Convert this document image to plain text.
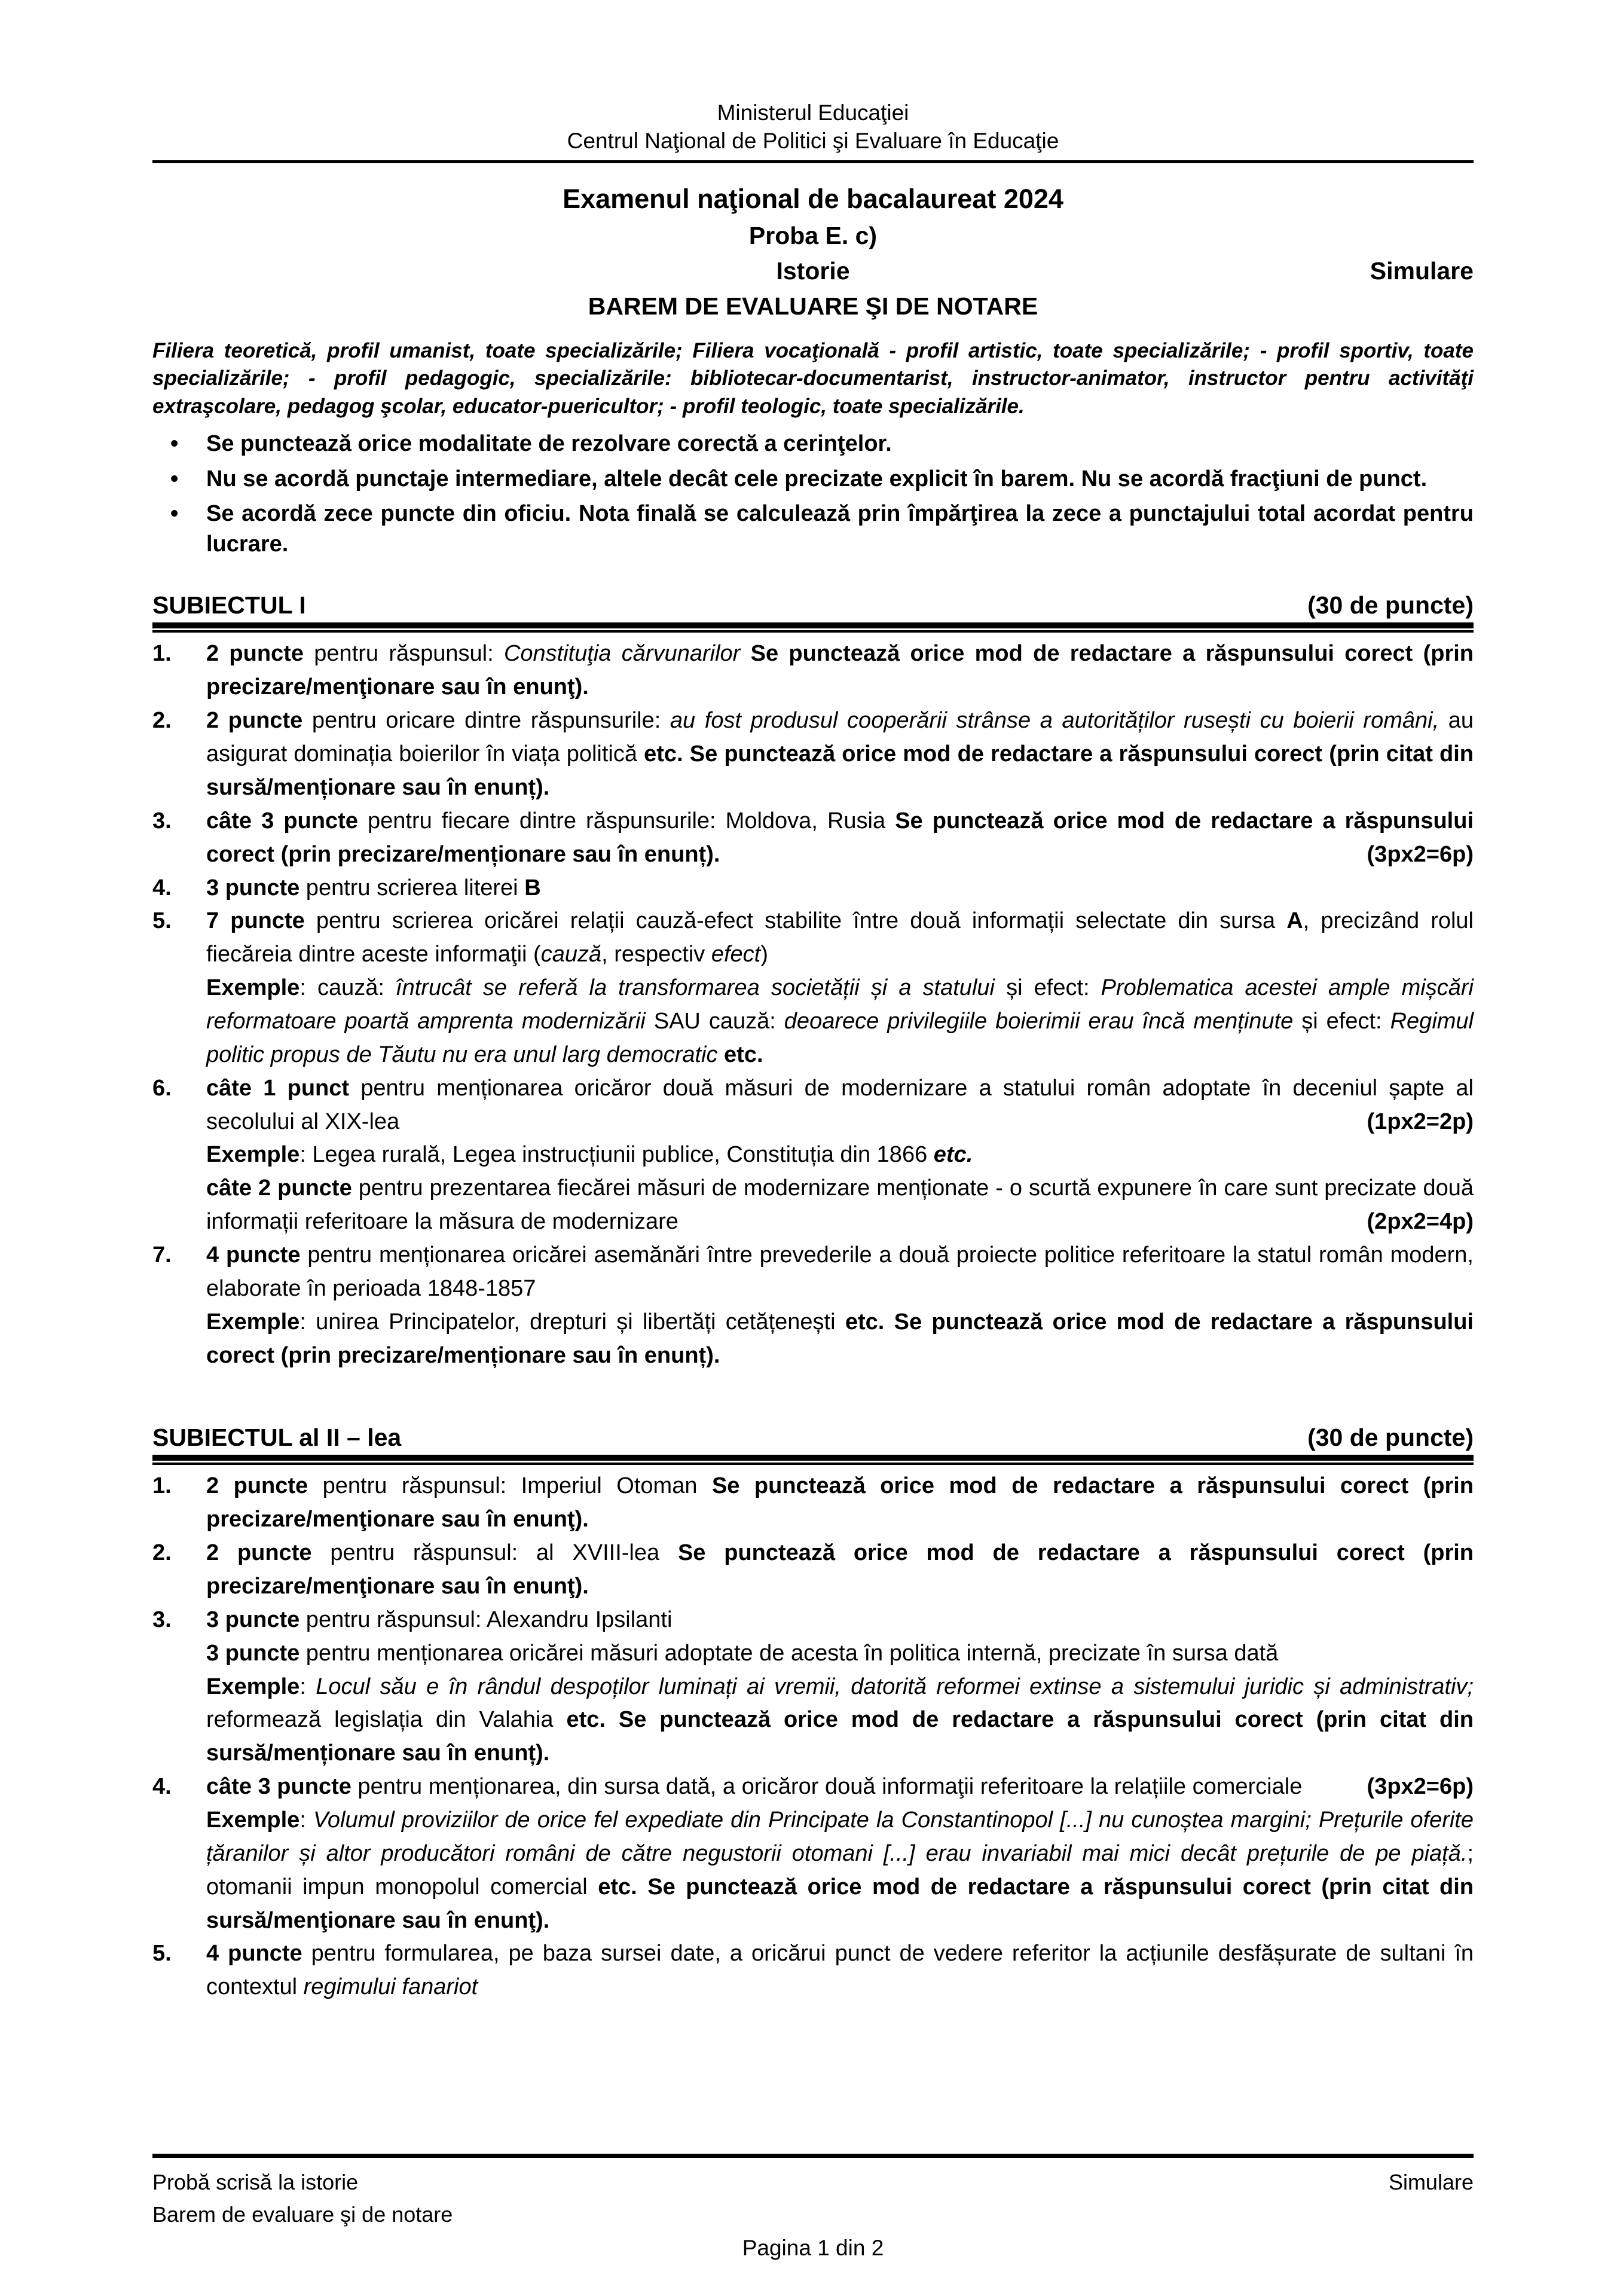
Ministerul Educaţiei
Centrul Naţional de Politici şi Evaluare în Educaţie
Examenul naţional de bacalaureat 2024
Proba E. c)
Istorie	Simulare
BAREM DE EVALUARE ŞI DE NOTARE
Filiera teoretică, profil umanist, toate specializările; Filiera vocaţională - profil artistic, toate specializările; - profil sportiv, toate specializările; - profil pedagogic, specializările: bibliotecar-documentarist, instructor-animator, instructor pentru activităţi extraşcolare, pedagog şcolar, educator-puericultor; - profil teologic, toate specializările.
•	Se punctează orice modalitate de rezolvare corectă a cerinţelor.
•	Nu se acordă punctaje intermediare, altele decât cele precizate explicit în barem. Nu se acordă fracţiuni de punct.
•	Se acordă zece puncte din oficiu. Nota finală se calculează prin împărţirea la zece a punctajului total acordat pentru lucrare.
SUBIECTUL I	(30 de puncte)
1.	2 puncte pentru răspunsul: Constituţia cărvunarilor Se punctează orice mod de redactare a răspunsului corect (prin precizare/menţionare sau în enunţ).
2.	2 puncte pentru oricare dintre răspunsurile: au fost produsul cooperării strânse a autorităților rusești cu boierii români, au asigurat dominația boierilor în viața politică etc. Se punctează orice mod de redactare a răspunsului corect (prin citat din sursă/menționare sau în enunț).
3.	câte 3 puncte pentru fiecare dintre răspunsurile: Moldova, Rusia Se punctează orice mod de redactare a răspunsului corect (prin precizare/menționare sau în enunț).	(3px2=6p)
4.	3 puncte pentru scrierea literei B
5.	7 puncte pentru scrierea oricărei relații cauză-efect stabilite între două informații selectate din sursa A, precizând rolul fiecăreia dintre aceste informaţii (cauză, respectiv efect)
Exemple: cauză: întrucât se referă la transformarea societății și a statului și efect: Problematica acestei ample mișcări reformatoare poartă amprenta modernizării SAU cauză: deoarece privilegiile boierimii erau încă menținute și efect: Regimul politic propus de Tăutu nu era unul larg democratic etc.
6.	câte 1 punct pentru menționarea oricăror două măsuri de modernizare a statului român adoptate în deceniul șapte al secolului al XIX-lea	(1px2=2p)
Exemple: Legea rurală, Legea instrucțiunii publice, Constituția din 1866 etc.
câte 2 puncte pentru prezentarea fiecărei măsuri de modernizare menționate - o scurtă expunere în care sunt precizate două informații referitoare la măsura de modernizare	(2px2=4p)
7.	4 puncte pentru menționarea oricărei asemănări între prevederile a două proiecte politice referitoare la statul român modern, elaborate în perioada 1848-1857
Exemple: unirea Principatelor, drepturi și libertăți cetățenești etc. Se punctează orice mod de redactare a răspunsului corect (prin precizare/menționare sau în enunț).
SUBIECTUL al II – lea	(30 de puncte)
1.	2 puncte pentru răspunsul: Imperiul Otoman Se punctează orice mod de redactare a răspunsului corect (prin precizare/menţionare sau în enunţ).
2.	2 puncte pentru răspunsul: al XVIII-lea Se punctează orice mod de redactare a răspunsului corect (prin precizare/menţionare sau în enunţ).
3.	3 puncte pentru răspunsul: Alexandru Ipsilanti
3 puncte pentru menționarea oricărei măsuri adoptate de acesta în politica internă, precizate în sursa dată
Exemple: Locul său e în rândul despoților luminați ai vremii, datorită reformei extinse a sistemului juridic și administrativ; reformează legislația din Valahia etc. Se punctează orice mod de redactare a răspunsului corect (prin citat din sursă/menționare sau în enunț).
4.	câte 3 puncte pentru menționarea, din sursa dată, a oricăror două informaţii referitoare la relațiile comerciale	(3px2=6p)
Exemple: Volumul proviziilor de orice fel expediate din Principate la Constantinopol [...] nu cunoștea margini; Prețurile oferite țăranilor și altor producători români de către negustorii otomani [...] erau invariabil mai mici decât prețurile de pe piață.; otomanii impun monopolul comercial etc. Se punctează orice mod de redactare a răspunsului corect (prin citat din sursă/menţionare sau în enunţ).
5.	4 puncte pentru formularea, pe baza sursei date, a oricărui punct de vedere referitor la acțiunile desfășurate de sultani în contextul regimului fanariot
Probă scrisă la istorie	Simulare
Barem de evaluare şi de notare
Pagina 1 din 2
